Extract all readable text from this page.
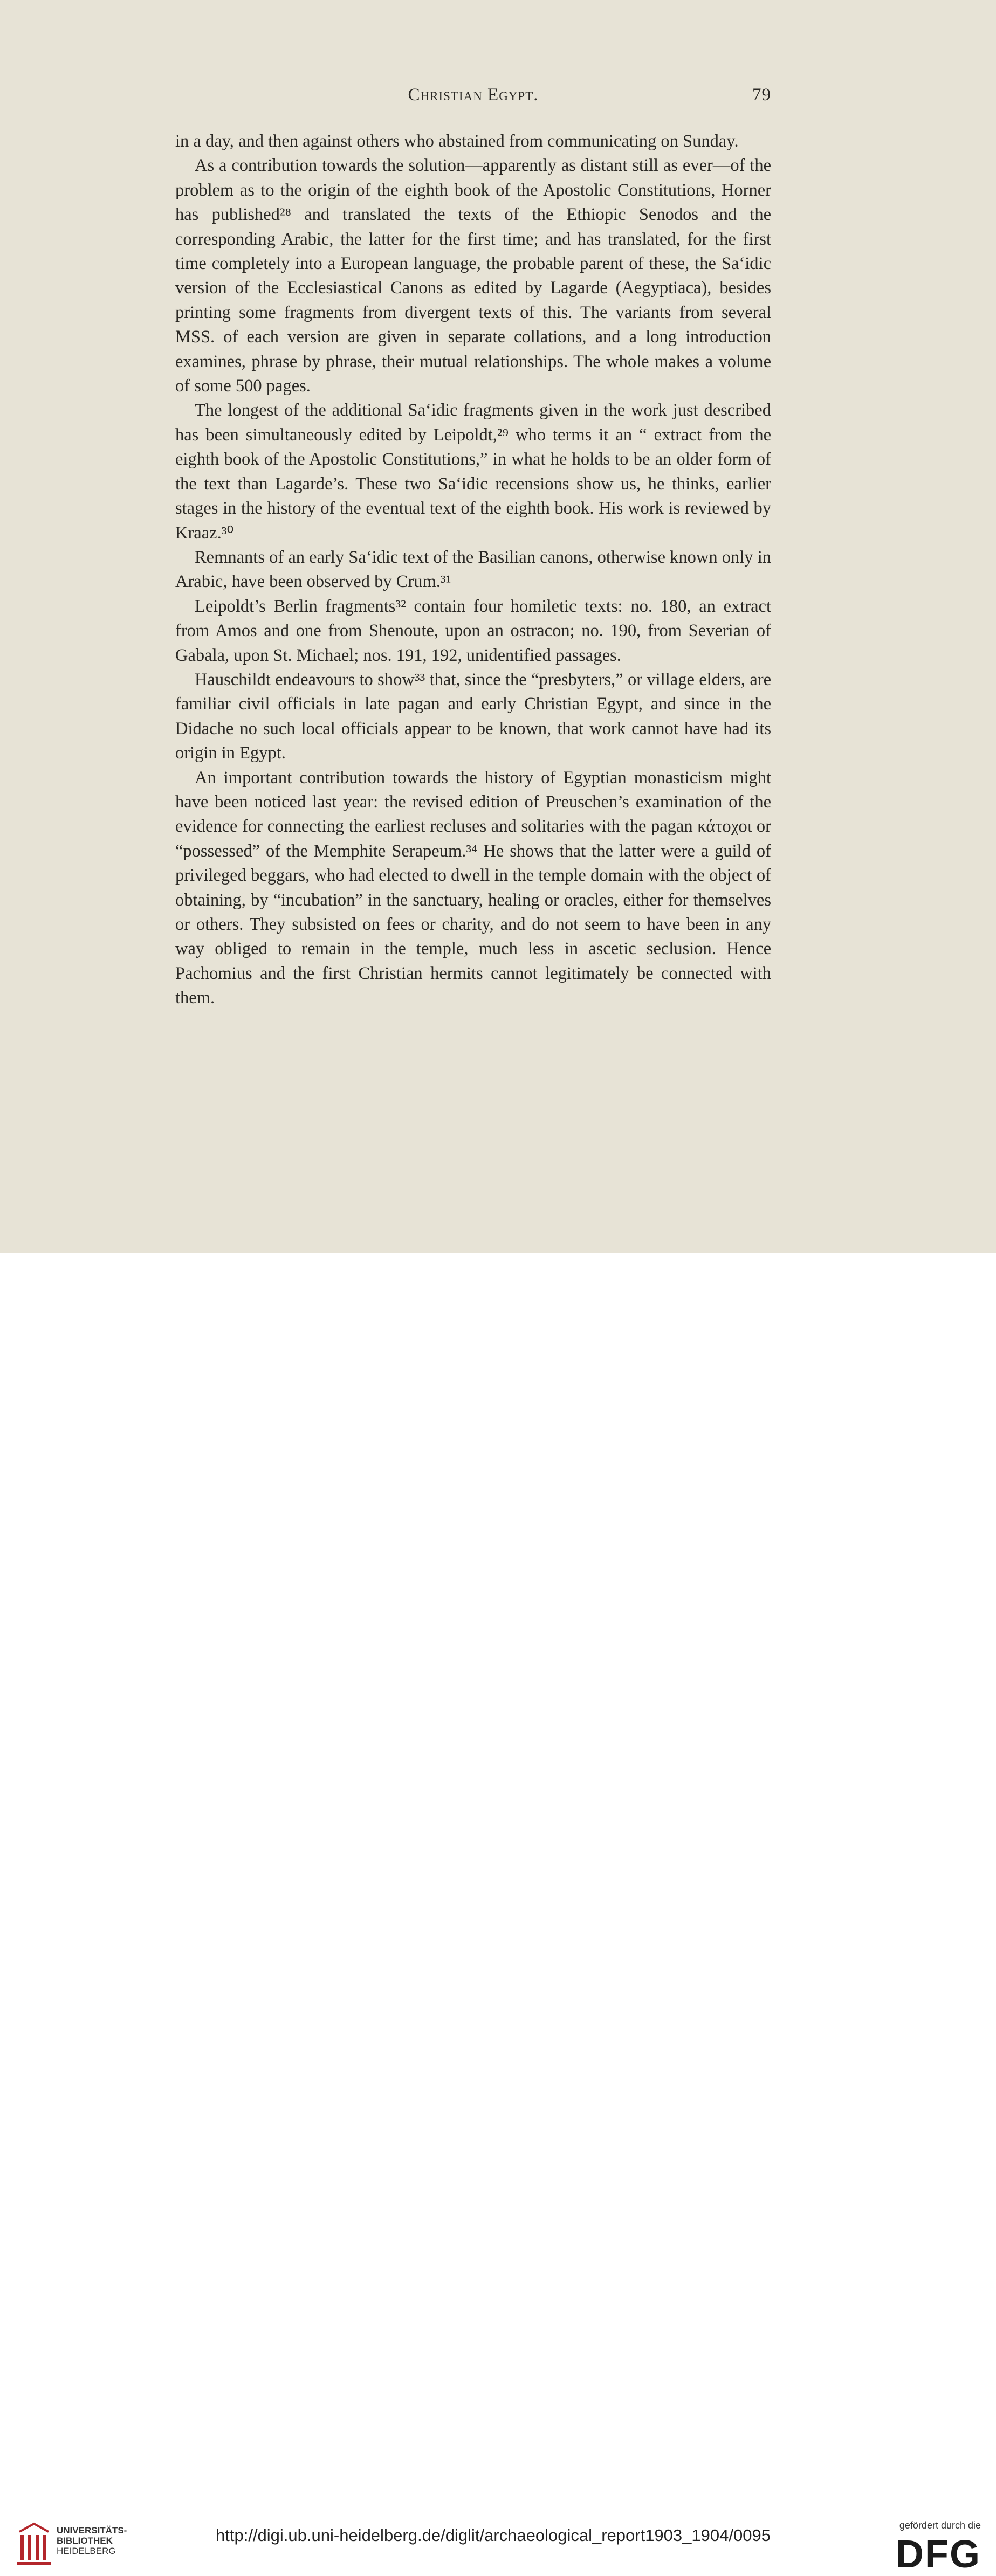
Christian Egypt.	79

in a day, and then against others who abstained from communicating on Sunday.

As a contribution towards the solution—apparently as distant still as ever—of the problem as to the origin of the eighth book of the Apostolic Constitutions, Horner has published²⁸ and translated the texts of the Ethiopic Senodos and the corresponding Arabic, the latter for the first time; and has translated, for the first time completely into a European language, the probable parent of these, the Sa‘idic version of the Ecclesiastical Canons as edited by Lagarde (Aegyptiaca), besides printing some fragments from divergent texts of this. The variants from several MSS. of each version are given in separate collations, and a long introduction examines, phrase by phrase, their mutual relationships. The whole makes a volume of some 500 pages.

The longest of the additional Sa‘idic fragments given in the work just described has been simultaneously edited by Leipoldt,²⁹ who terms it an “ extract from the eighth book of the Apostolic Constitutions,” in what he holds to be an older form of the text than Lagarde’s. These two Sa‘idic recensions show us, he thinks, earlier stages in the history of the eventual text of the eighth book. His work is reviewed by Kraaz.³⁰

Remnants of an early Sa‘idic text of the Basilian canons, otherwise known only in Arabic, have been observed by Crum.³¹

Leipoldt’s Berlin fragments³² contain four homiletic texts: no. 180, an extract from Amos and one from Shenoute, upon an ostracon; no. 190, from Severian of Gabala, upon St. Michael; nos. 191, 192, unidentified passages.

Hauschildt endeavours to show³³ that, since the “presbyters,” or village elders, are familiar civil officials in late pagan and early Christian Egypt, and since in the Didache no such local officials appear to be known, that work cannot have had its origin in Egypt.

An important contribution towards the history of Egyptian monasticism might have been noticed last year: the revised edition of Preuschen’s examination of the evidence for connecting the earliest recluses and solitaries with the pagan κάτοχοι or “possessed” of the Memphite Serapeum.³⁴ He shows that the latter were a guild of privileged beggars, who had elected to dwell in the temple domain with the object of obtaining, by “incubation” in the sanctuary, healing or oracles, either for themselves or others. They subsisted on fees or charity, and do not seem to have been in any way obliged to remain in the temple, much less in ascetic seclusion. Hence Pachomius and the first Christian hermits cannot legitimately be connected with them.

UNIVERSITÄTS-
BIBLIOTHEK
HEIDELBERG
http://digi.ub.uni-heidelberg.de/diglit/archaeological_report1903_1904/0095
gefördert durch die
DFG
